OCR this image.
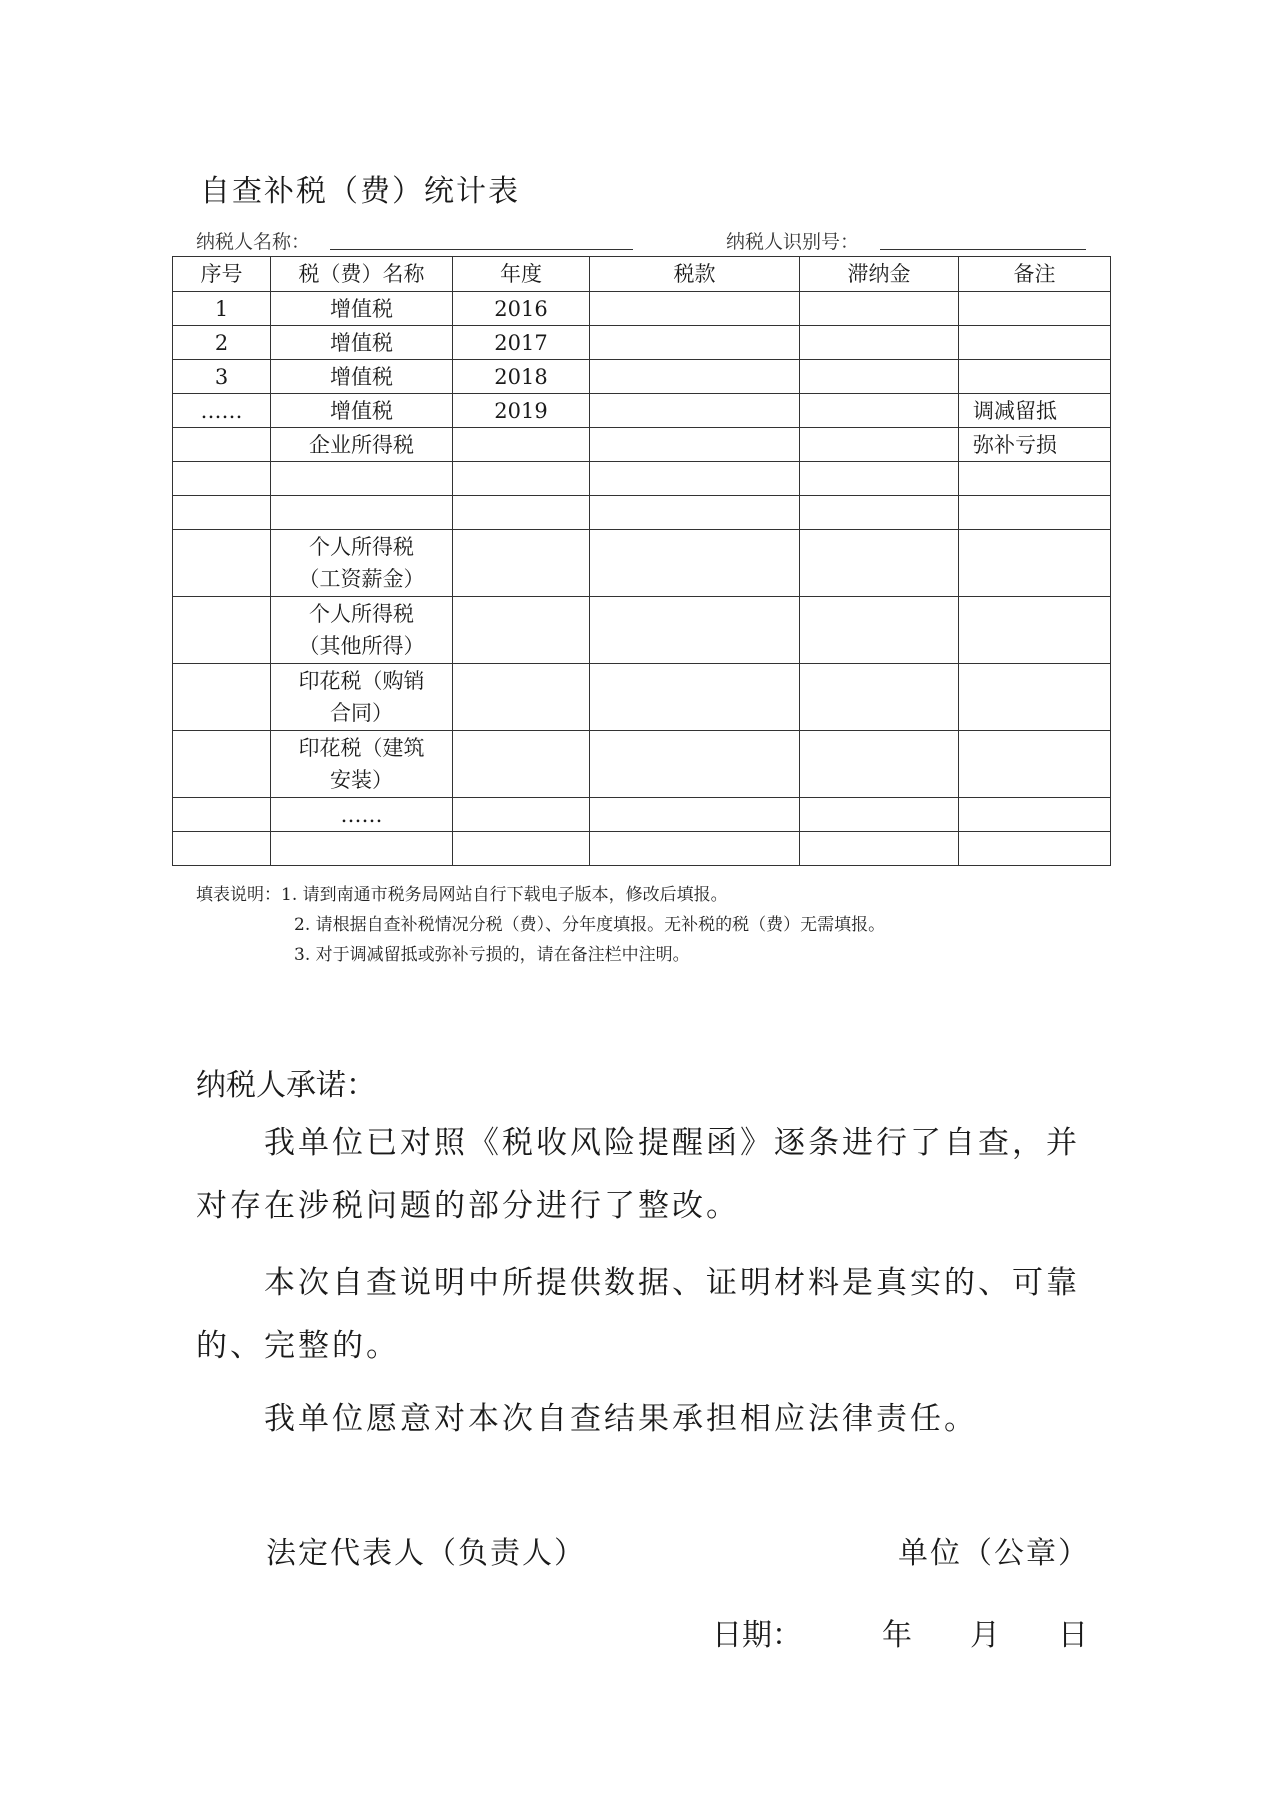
自查补税（费）统计表
纳税人名称：	纳税人识别号：
序号	税（费）名称	年度	税款	滞纳金	备注
1	增值税	2016			
2	增值税	2017			
3	增值税	2018			
……	增值税	2019			调减留抵

	企业所得税				弥补亏损

	个人所得税
（工资薪金）				

	个人所得税
（其他所得）				

	印花税（购销
合同）				

	印花税（建筑
安装）				

	……				

填表说明：1. 请到南通市税务局网站自行下载电子版本，修改后填报。
2. 请根据自查补税情况分税（费）、分年度填报。无补税的税（费）无需填报。
3. 对于调减留抵或弥补亏损的，请在备注栏中注明。
纳税人承诺：
我单位已对照《税收风险提醒函》逐条进行了自查，并对存在涉税问题的部分进行了整改。
本次自查说明中所提供数据、证明材料是真实的、可靠的、完整的。
我单位愿意对本次自查结果承担相应法律责任。
法定代表人（负责人）	单位（公章）
日期：	年 月 日
